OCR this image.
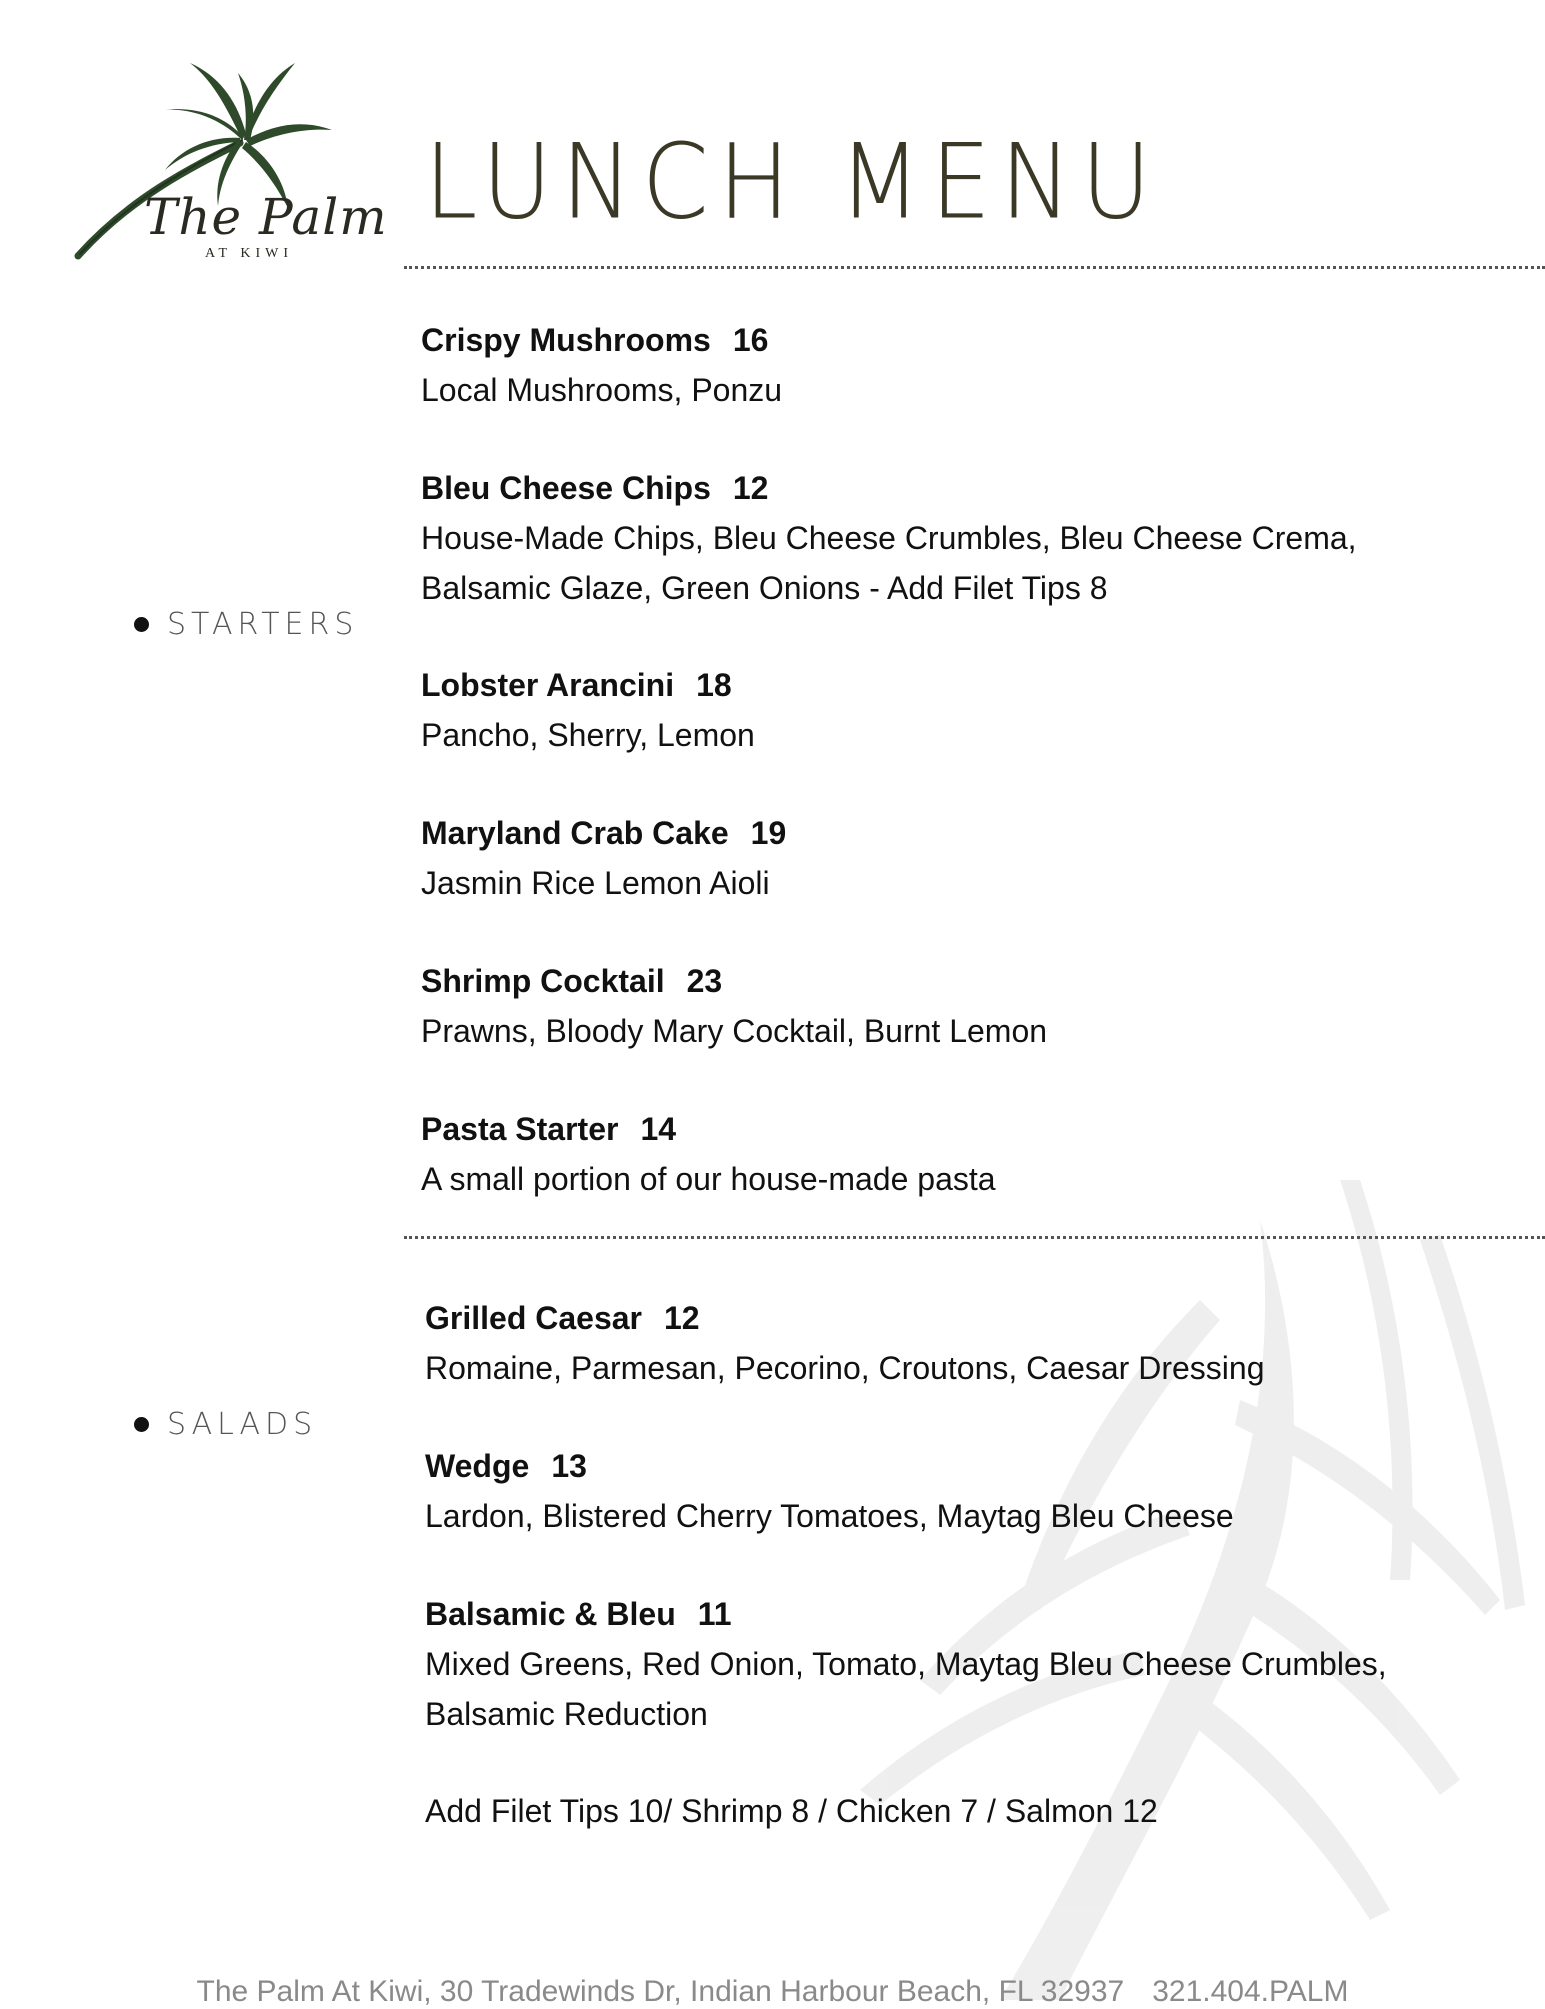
The Palm
AT KIWI
LUNCH MENU
STARTERS
Crispy Mushrooms 16
Local Mushrooms, Ponzu
Bleu Cheese Chips 12
House-Made Chips, Bleu Cheese Crumbles, Bleu Cheese Crema,
Balsamic Glaze, Green Onions - Add Filet Tips 8
Lobster Arancini 18
Pancho, Sherry, Lemon
Maryland Crab Cake 19
Jasmin Rice Lemon Aioli
Shrimp Cocktail 23
Prawns, Bloody Mary Cocktail, Burnt Lemon
Pasta Starter 14
A small portion of our house-made pasta
SALADS
Grilled Caesar 12
Romaine, Parmesan, Pecorino, Croutons, Caesar Dressing
Wedge 13
Lardon, Blistered Cherry Tomatoes, Maytag Bleu Cheese
Balsamic & Bleu 11
Mixed Greens, Red Onion, Tomato, Maytag Bleu Cheese Crumbles,
Balsamic Reduction
Add Filet Tips 10/ Shrimp 8 / Chicken 7 / Salmon 12
The Palm At Kiwi, 30 Tradewinds Dr, Indian Harbour Beach, FL 32937 321.404.PALM
